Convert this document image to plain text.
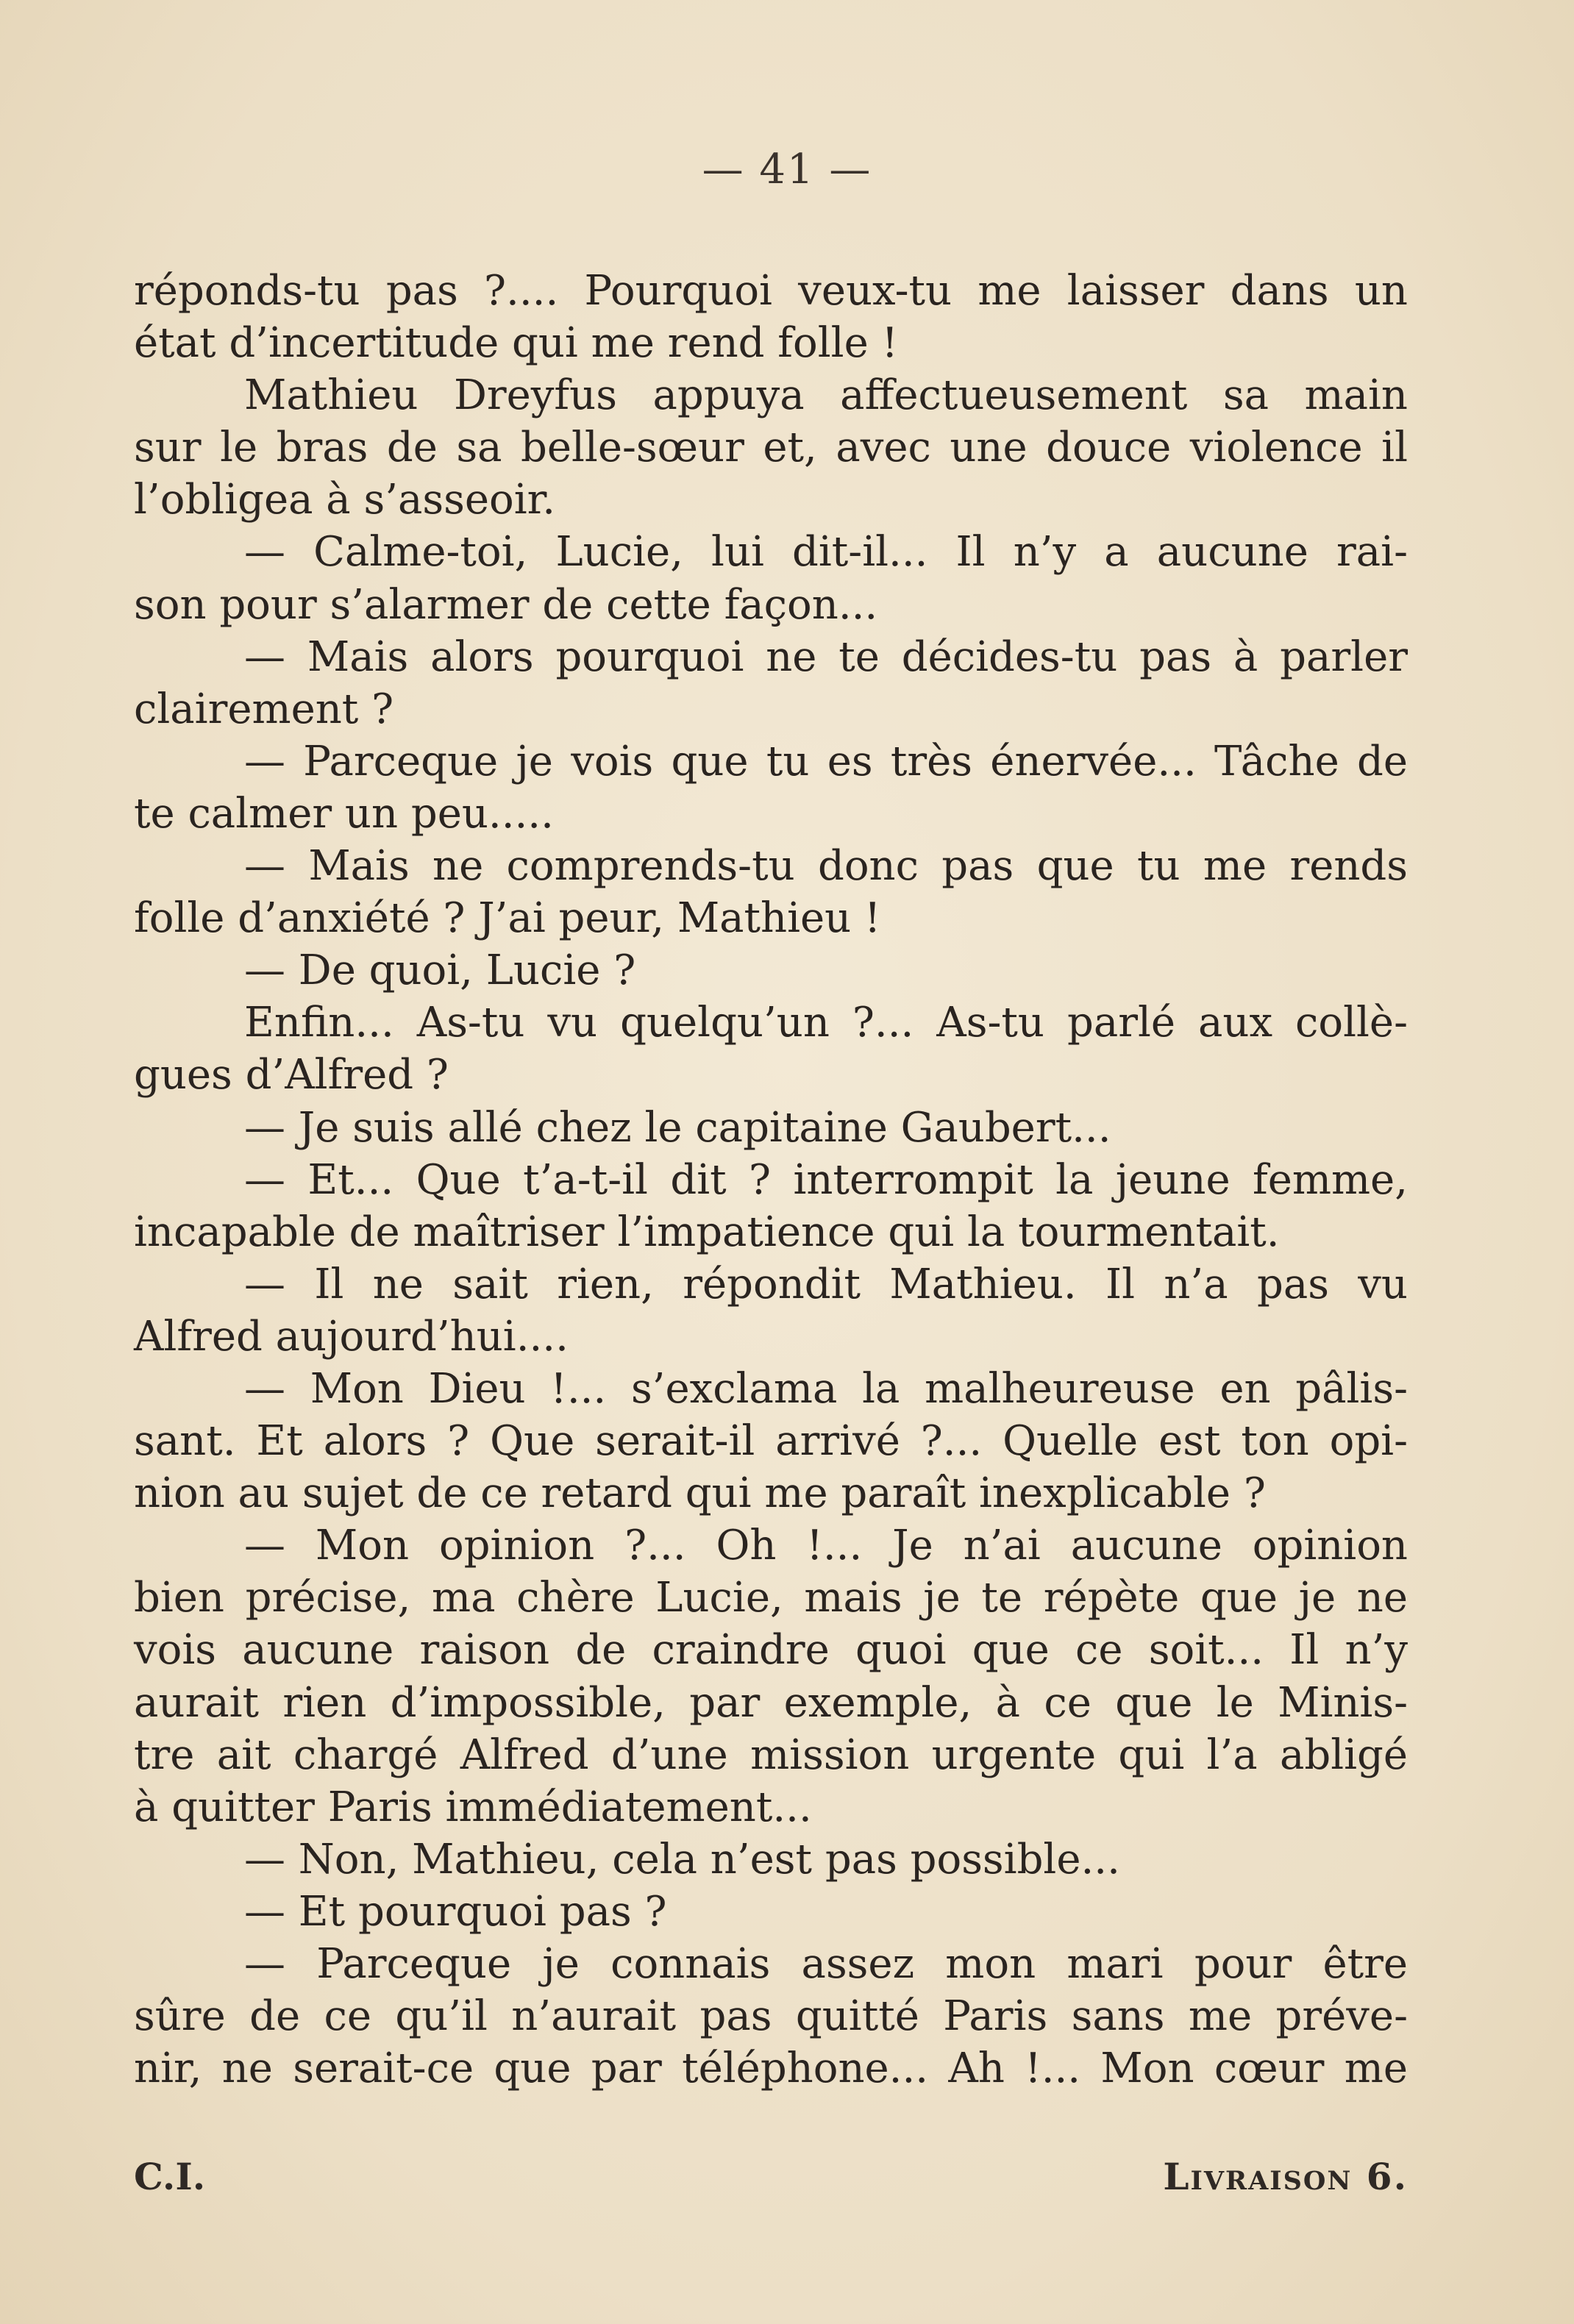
— 41 —
réponds-tu pas ?.... Pourquoi veux-tu me laisser dans un
état d’incertitude qui me rend folle !
Mathieu Dreyfus appuya affectueusement sa main
sur le bras de sa belle-sœur et, avec une douce violence il
l’obligea à s’asseoir.
— Calme-toi, Lucie, lui dit-il... Il n’y a aucune rai-
son pour s’alarmer de cette façon...
— Mais alors pourquoi ne te décides-tu pas à parler
clairement ?
— Parceque je vois que tu es très énervée... Tâche de
te calmer un peu.....
— Mais ne comprends-tu donc pas que tu me rends
folle d’anxiété ? J’ai peur, Mathieu !
— De quoi, Lucie ?
Enfin... As-tu vu quelqu’un ?... As-tu parlé aux collè-
gues d’Alfred ?
— Je suis allé chez le capitaine Gaubert...
— Et... Que t’a-t-il dit ? interrompit la jeune femme,
incapable de maîtriser l’impatience qui la tourmentait.
— Il ne sait rien, répondit Mathieu. Il n’a pas vu
Alfred aujourd’hui....
— Mon Dieu !... s’exclama la malheureuse en pâlis-
sant. Et alors ? Que serait-il arrivé ?... Quelle est ton opi-
nion au sujet de ce retard qui me paraît inexplicable ?
— Mon opinion ?... Oh !... Je n’ai aucune opinion
bien précise, ma chère Lucie, mais je te répète que je ne
vois aucune raison de craindre quoi que ce soit... Il n’y
aurait rien d’impossible, par exemple, à ce que le Minis-
tre ait chargé Alfred d’une mission urgente qui l’a abligé
à quitter Paris immédiatement...
— Non, Mathieu, cela n’est pas possible...
— Et pourquoi pas ?
— Parceque je connais assez mon mari pour être
sûre de ce qu’il n’aurait pas quitté Paris sans me préve-
nir, ne serait-ce que par téléphone... Ah !... Mon cœur me
C.I.	Livraison 6.
